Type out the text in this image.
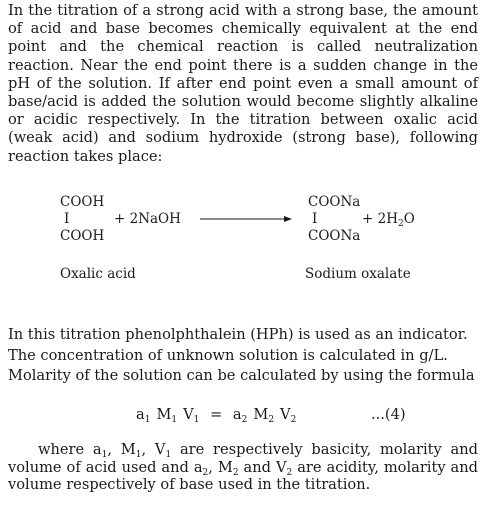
In the titration of a strong acid with a strong base, the amount of acid and base becomes chemically equivalent at the end point and the chemical reaction is called neutralization reaction. Near the end point there is a sudden change in the pH of the solution. If after end point even a small amount of base/acid is added the solution would become slightly alkaline or acidic respectively. In the titration between oxalic acid (weak acid) and sodium hydroxide (strong base), following reaction takes place:

COOH
I
COOH
+ 2NaOH
COONa
I
COONa
+ $2H_2O$
Oxalic acid	Sodium oxalate
In this titration phenolphthalein (HPh) is used as an indicator.
The concentration of unknown solution is calculated in g/L.
Molarity of the solution can be calculated by using the formula
$a_1$ $M_1$ $V_1 = a_2$ $M_2$ $V_2$	...(4)

where $a_1$, $M_1$, $V_1$ are respectively basicity, molarity and volume of acid used and $a_2$, $M_2$ and $V_2$ are acidity, molarity and volume respectively of base used in the titration.
